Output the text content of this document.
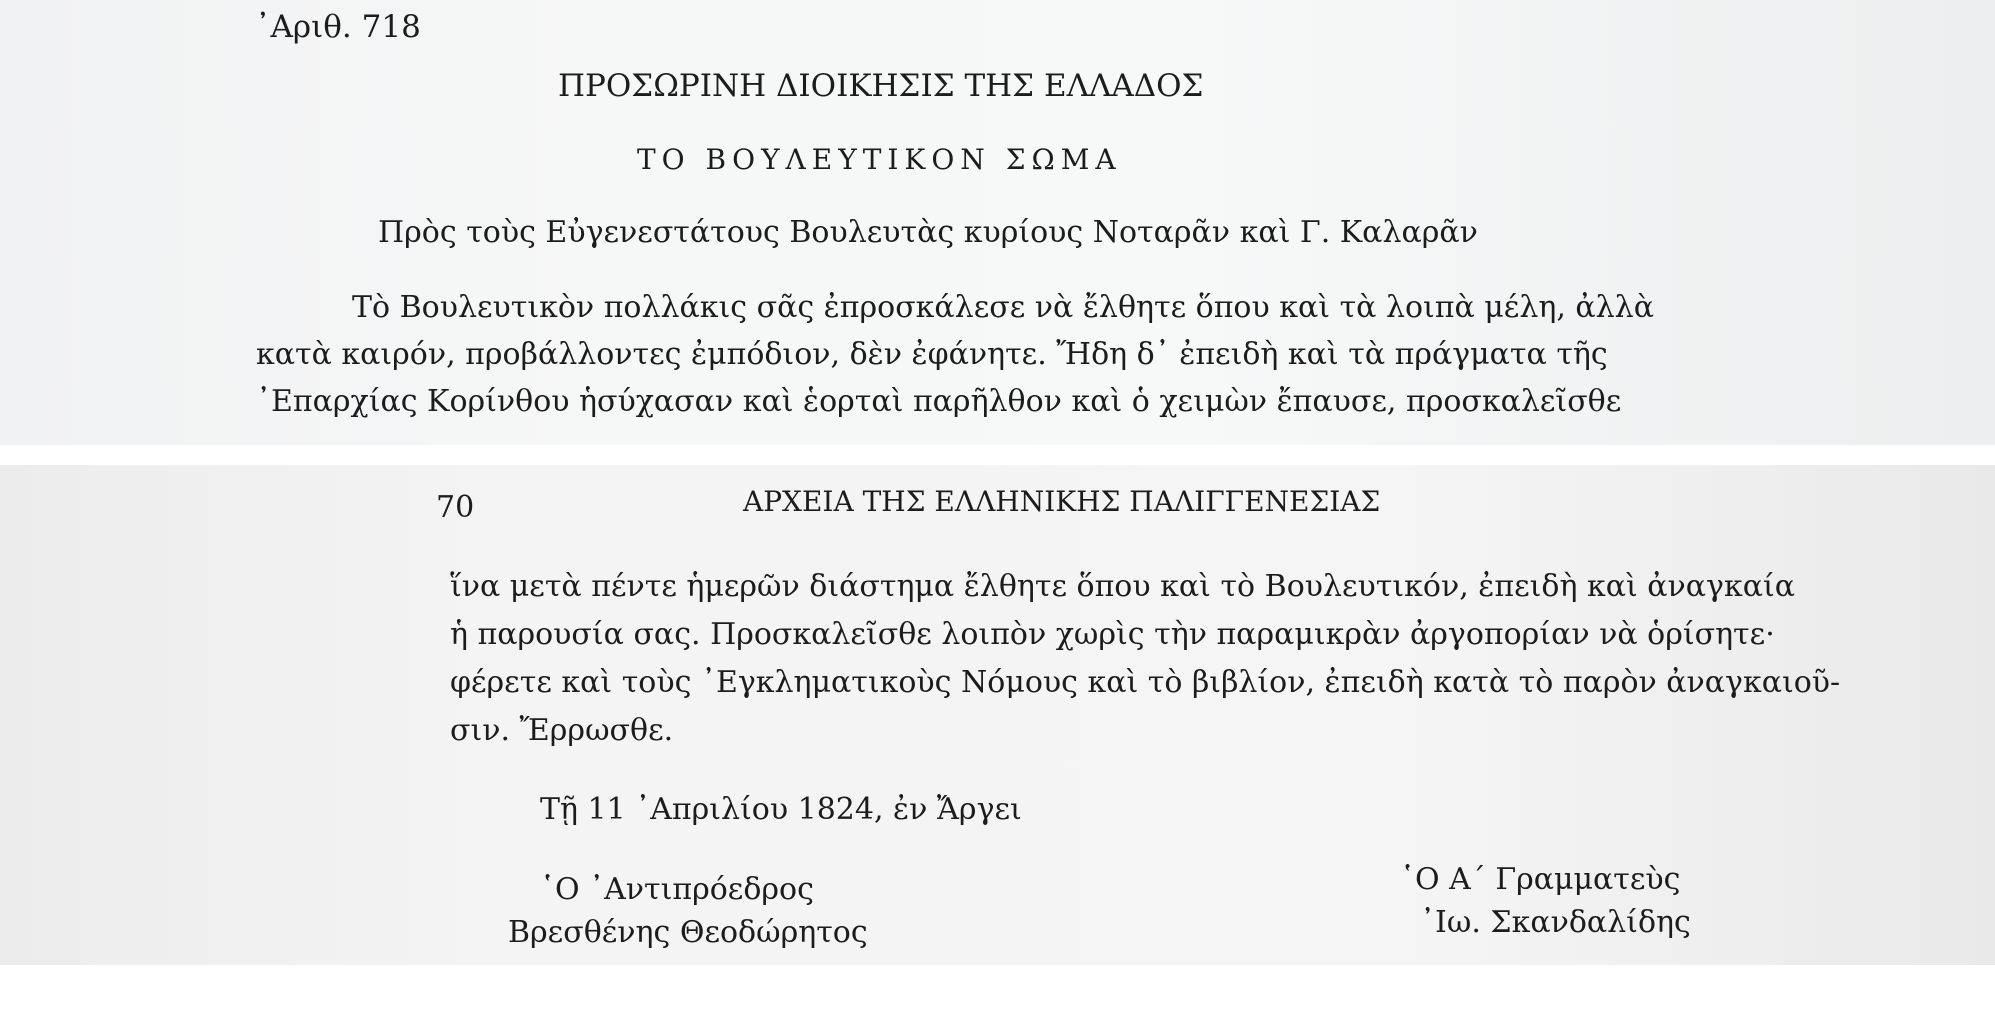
᾿Αριθ. 718

ΠΡΟΣΩΡΙΝΗ ΔΙΟΙΚΗΣΙΣ ΤΗΣ ΕΛΛΑΔΟΣ

ΤΟ ΒΟΥΛΕΥΤΙΚΟΝ ΣΩΜΑ

Πρὸς τοὺς Εὐγενεστάτους Βουλευτὰς κυρίους Νοταρᾶν καὶ Γ. Καλαρᾶν

Τὸ Βουλευτικὸν πολλάκις σᾶς ἐπροσκάλεσε νὰ ἔλθητε ὅπου καὶ τὰ λοιπὰ μέλη, ἀλλὰ

κατὰ καιρόν, προβάλλοντες ἐμπόδιον, δὲν ἐφάνητε. Ἤδη δ᾿ ἐπειδὴ καὶ τὰ πράγματα τῆς

᾿Επαρχίας Κορίνθου ἡσύχασαν καὶ ἑορταὶ παρῆλθον καὶ ὁ χειμὼν ἔπαυσε, προσκαλεῖσθε

70	ΑΡΧΕΙΑ ΤΗΣ ΕΛΛΗΝΙΚΗΣ ΠΑΛΙΓΓΕΝΕΣΙΑΣ

ἵνα μετὰ πέντε ἡμερῶν διάστημα ἔλθητε ὅπου καὶ τὸ Βουλευτικόν, ἐπειδὴ καὶ ἀναγκαία

ἡ παρουσία σας. Προσκαλεῖσθε λοιπὸν χωρὶς τὴν παραμικρὰν ἀργοπορίαν νὰ ὁρίσητε·

φέρετε καὶ τοὺς ᾿Εγκληματικοὺς Νόμους καὶ τὸ βιβλίον, ἐπειδὴ κατὰ τὸ παρὸν ἀναγκαιοῦ-

σιν. Ἔρρωσθε.

Τῇ 11 ᾿Απριλίου 1824, ἐν Ἄργει

῾Ο ᾿Αντιπρόεδρος

Βρεσθένης Θεοδώρητος

῾Ο Α΄ Γραμματεὺς

᾿Ιω. Σκανδαλίδης
